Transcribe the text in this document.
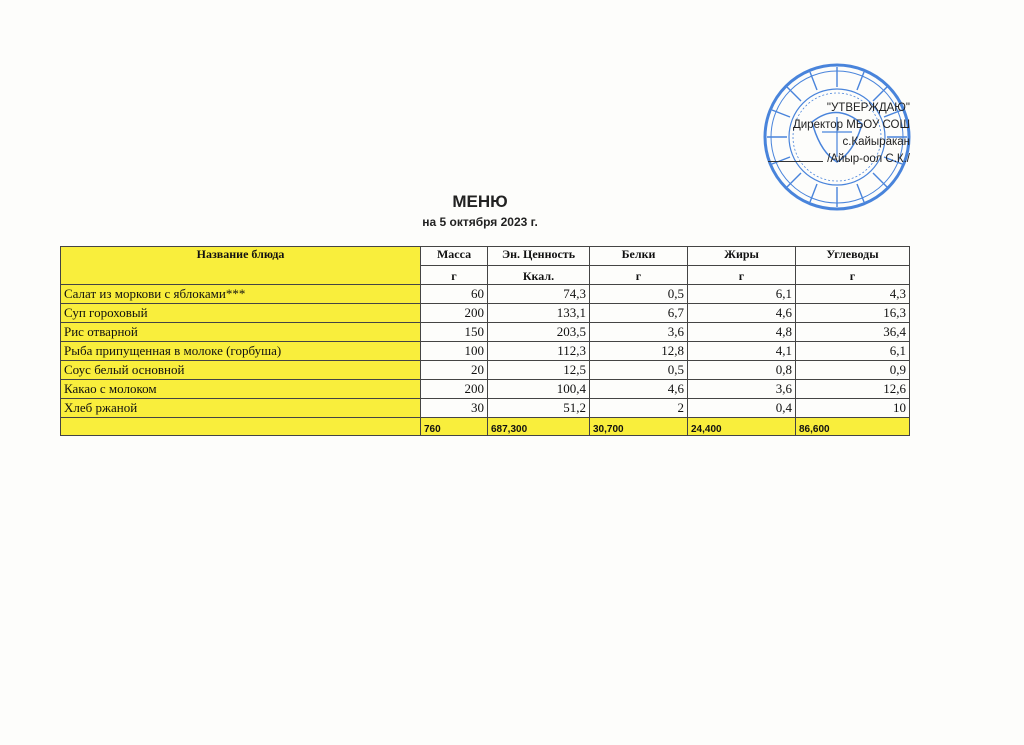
"УТВЕРЖДАЮ"
Директор МБОУ СОШ
с.Кайыракан
/Айыр-оол С.К./
МЕНЮ
на 5 октября 2023 г.
Название блюда	Масса	Эн. Ценность	Белки	Жиры	Углеводы
	г	Ккал.	г	г	г
Салат из моркови с яблоками***	60	74,3	0,5	6,1	4,3
Суп гороховый	200	133,1	6,7	4,6	16,3
Рис отварной	150	203,5	3,6	4,8	36,4
Рыба припущенная в молоке (горбуша)	100	112,3	12,8	4,1	6,1
Соус белый основной	20	12,5	0,5	0,8	0,9
Какао с молоком	200	100,4	4,6	3,6	12,6
Хлеб ржаной	30	51,2	2	0,4	10
	760	687,300	30,700	24,400	86,600
